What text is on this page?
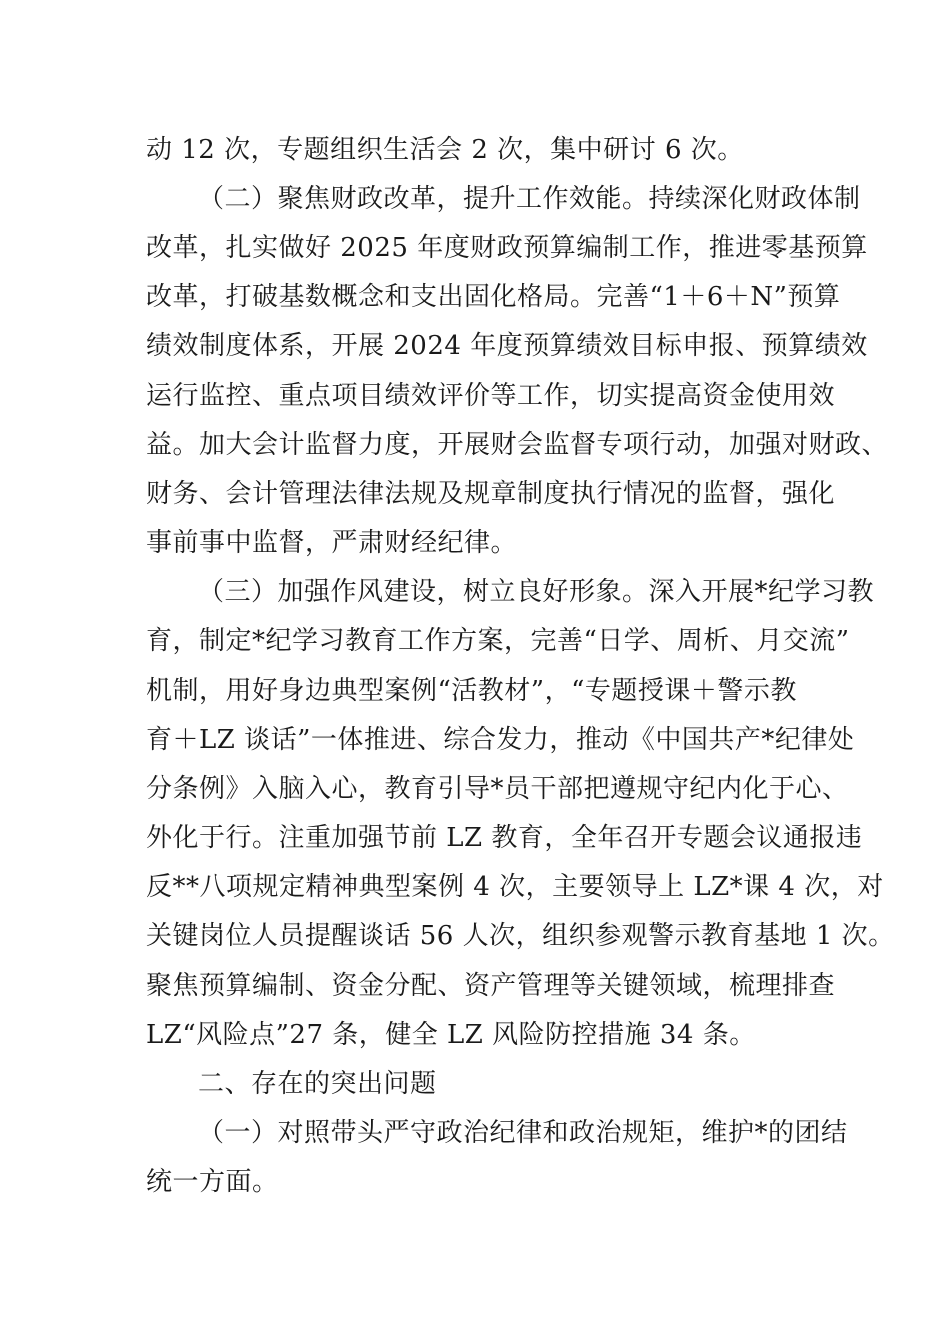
动 12 次，专题组织生活会 2 次，集中研讨 6 次。
（二）聚焦财政改革，提升工作效能。持续深化财政体制
改革，扎实做好 2025 年度财政预算编制工作，推进零基预算
改革，打破基数概念和支出固化格局。完善“1＋6＋N”预算
绩效制度体系，开展 2024 年度预算绩效目标申报、预算绩效
运行监控、重点项目绩效评价等工作，切实提高资金使用效
益。加大会计监督力度，开展财会监督专项行动，加强对财政、
财务、会计管理法律法规及规章制度执行情况的监督，强化
事前事中监督，严肃财经纪律。
（三）加强作风建设，树立良好形象。深入开展*纪学习教
育，制定*纪学习教育工作方案，完善“日学、周析、月交流”
机制，用好身边典型案例“活教材”，“专题授课＋警示教
育＋LZ 谈话”一体推进、综合发力，推动《中国共产*纪律处
分条例》入脑入心，教育引导*员干部把遵规守纪内化于心、
外化于行。注重加强节前 LZ 教育，全年召开专题会议通报违
反**八项规定精神典型案例 4 次，主要领导上 LZ*课 4 次，对
关键岗位人员提醒谈话 56 人次，组织参观警示教育基地 1 次。
聚焦预算编制、资金分配、资产管理等关键领域，梳理排查
LZ“风险点”27 条，健全 LZ 风险防控措施 34 条。
二、存在的突出问题
（一）对照带头严守政治纪律和政治规矩，维护*的团结
统一方面。
